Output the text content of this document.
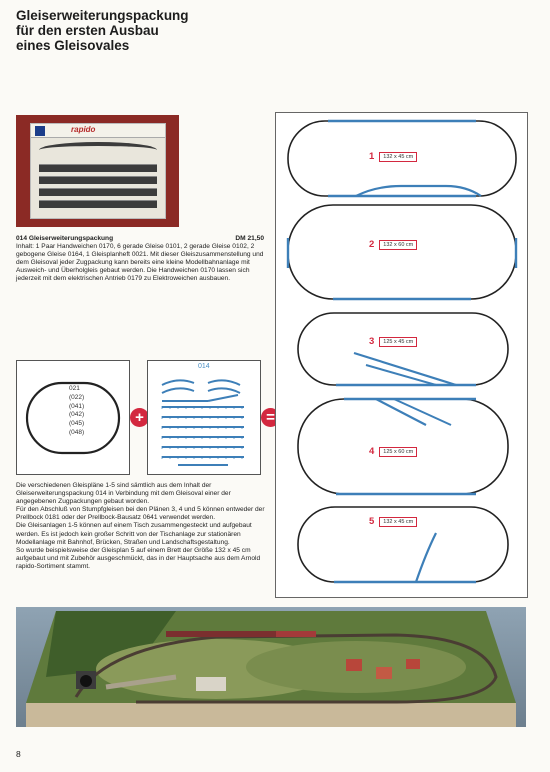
Gleiserweiterungspackung
für den ersten Ausbau
eines Gleisovales
rapido
014 Gleiserweiterungspackung	DM 21,50

Inhalt: 1 Paar Handweichen 0170, 6 gerade Gleise 0101, 2 gerade Gleise 0102, 2 gebogene Gleise 0164, 1 Gleisplanheft 0021. Mit dieser Gleiszusammenstellung und dem Gleisoval jeder Zugpackung kann bereits eine kleine Modellbahnanlage mit Ausweich- und Überholgleis gebaut werden. Die Handweichen 0170 lassen sich jederzeit mit dem elektrischen Antrieb 0179 zu Elektroweichen ausbauen.

021
(022)
(041)
(042)
(045)
(048)
+
014
=

Die verschiedenen Gleispläne 1-5 sind sämtlich aus dem Inhalt der Gleiserweiterungspackung 014 in Verbindung mit dem Gleisoval einer der angegebenen Zugpackungen gebaut worden.

Für den Abschluß von Stumpfgleisen bei den Plänen 3, 4 und 5 können entweder der Prellbock 0181 oder der Prellbock-Bausatz 0641 verwendet werden.

Die Gleisanlagen 1-5 können auf einem Tisch zusammengesteckt und aufgebaut werden. Es ist jedoch kein großer Schritt von der Tischanlage zur stationären Modellanlage mit Bahnhof, Brücken, Straßen und Landschaftsgestaltung.

So wurde beispielsweise der Gleisplan 5 auf einem Brett der Größe 132 x 45 cm aufgebaut und mit Zubehör ausgeschmückt, das in der Hauptsache aus dem Arnold rapido-Sortiment stammt.

1	132 x 45 cm
2	132 x 60 cm
3	125 x 45 cm
4	125 x 60 cm
5	132 x 45 cm
8
